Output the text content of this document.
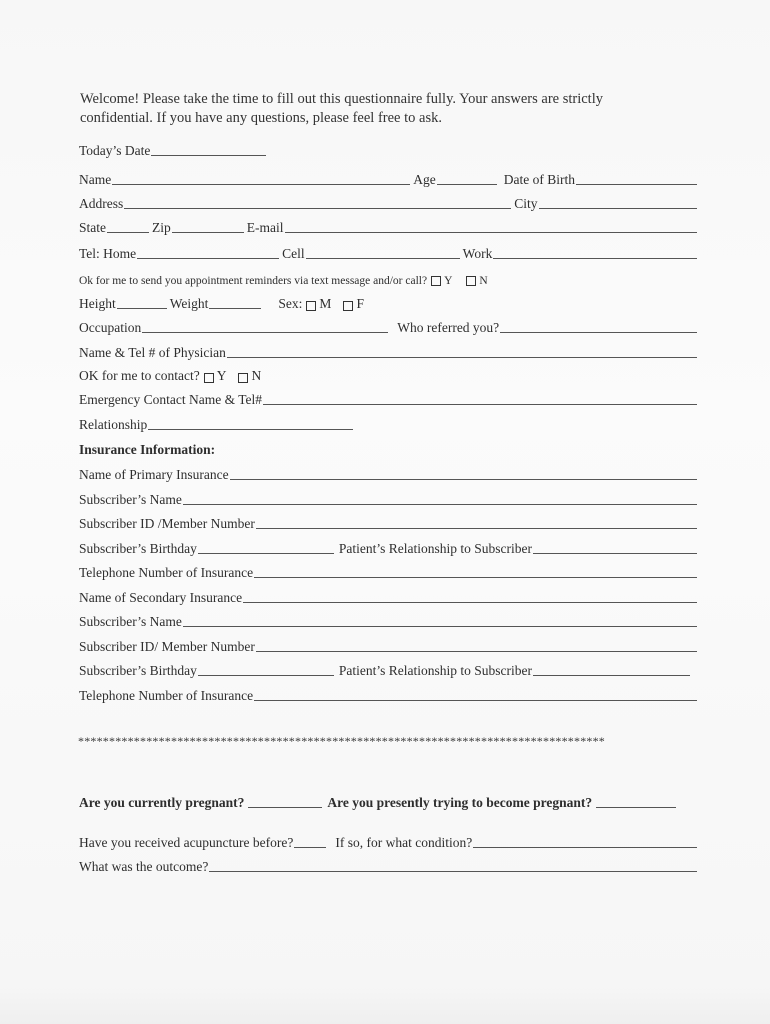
Welcome! Please take the time to fill out this questionnaire fully. Your answers are strictly
confidential. If you have any questions, please feel free to ask.
Today’s Date
Name	Age	Date of Birth
Address	City
State	Zip	E-mail
Tel: Home	Cell	Work
Ok for me to send you appointment reminders via text message and/or call? Y N
Height	Weight	Sex: M F
Occupation	Who referred you?
Name & Tel # of Physician
OK for me to contact? Y N
Emergency Contact Name & Tel#
Relationship
Insurance Information:
Name of Primary Insurance
Subscriber’s Name
Subscriber ID /Member Number
Subscriber’s Birthday	Patient’s Relationship to Subscriber
Telephone Number of Insurance
Name of Secondary Insurance
Subscriber’s Name
Subscriber ID/ Member Number
Subscriber’s Birthday	Patient’s Relationship to Subscriber
Telephone Number of Insurance
*************************************************************************************
Are you currently pregnant?	Are you presently trying to become pregnant?
Have you received acupuncture before?	If so, for what condition?
What was the outcome?
